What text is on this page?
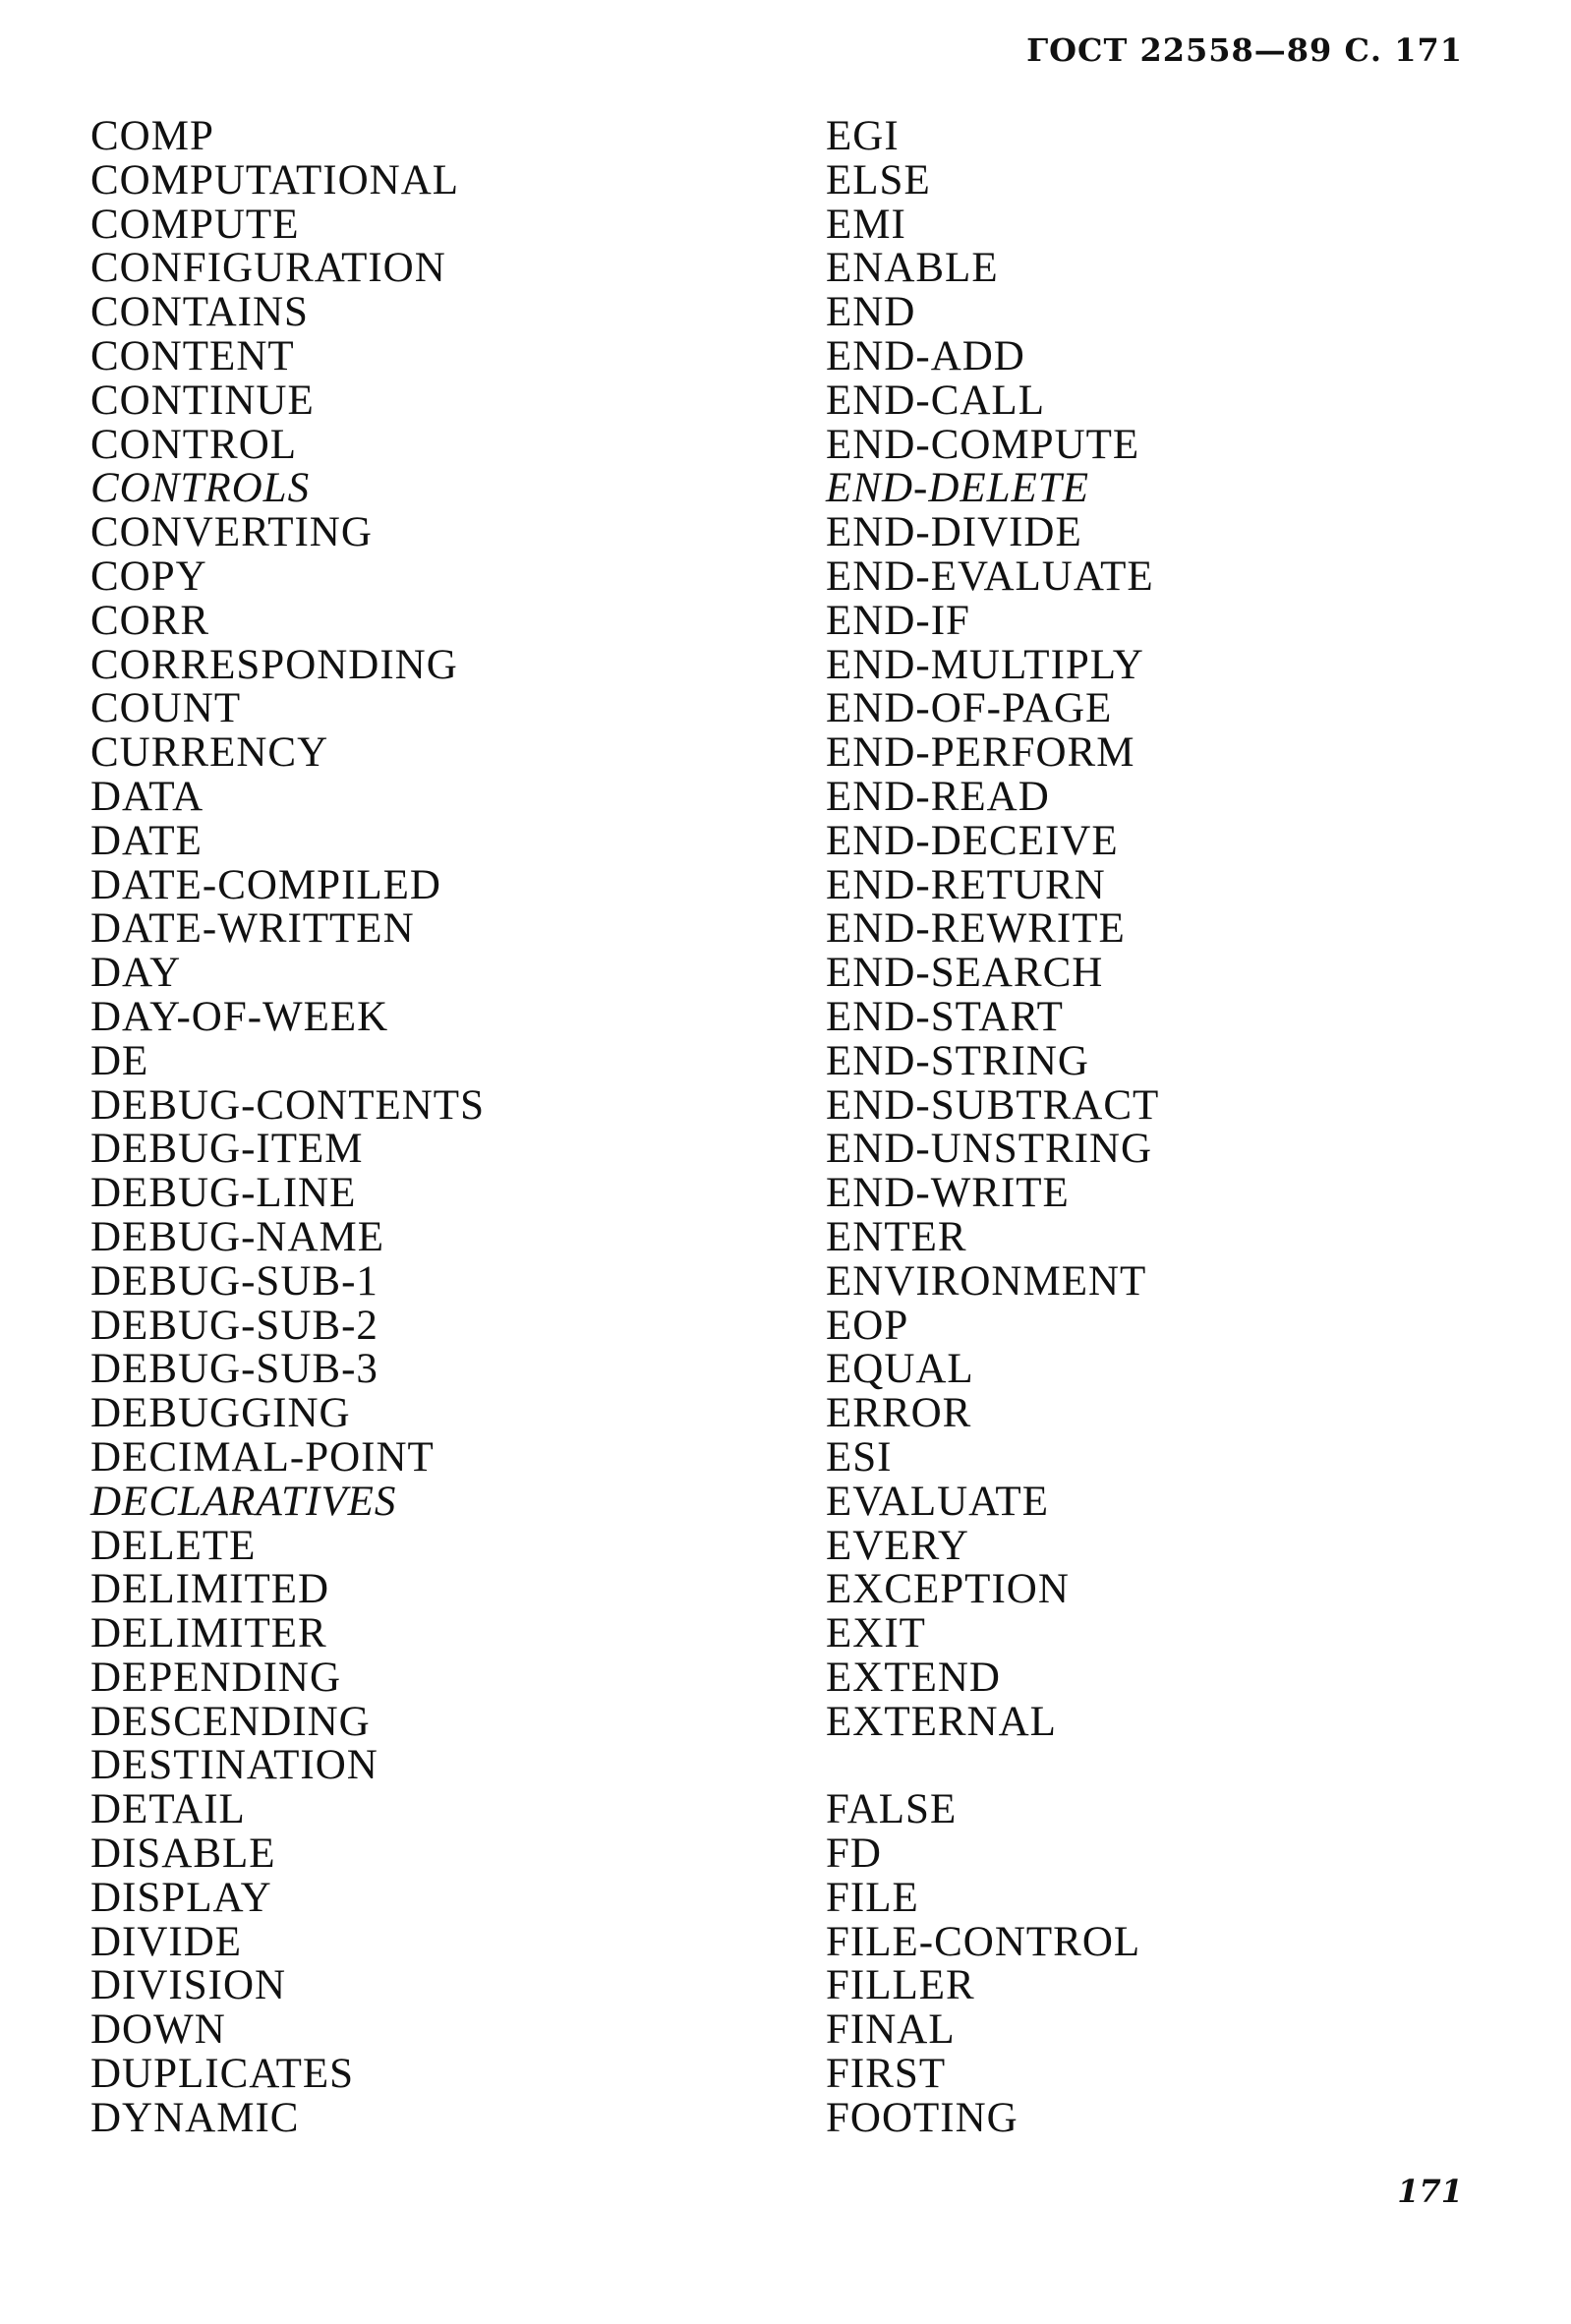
ГОСТ 22558—89 С. 171
COMP
COMPUTATIONAL
COMPUTE
CONFIGURATION
CONTAINS
CONTENT
CONTINUE
CONTROL
CONTROLS
CONVERTING
COPY
CORR
CORRESPONDING
COUNT
CURRENCY
DATA
DATE
DATE-COMPILED
DATE-WRITTEN
DAY
DAY-OF-WEEK
DE
DEBUG-CONTENTS
DEBUG-ITEM
DEBUG-LINE
DEBUG-NAME
DEBUG-SUB-1
DEBUG-SUB-2
DEBUG-SUB-3
DEBUGGING
DECIMAL-POINT
DECLARATIVES
DELETE
DELIMITED
DELIMITER
DEPENDING
DESCENDING
DESTINATION
DETAIL
DISABLE
DISPLAY
DIVIDE
DIVISION
DOWN
DUPLICATES
DYNAMIC
EGI
ELSE
EMI
ENABLE
END
END-ADD
END-CALL
END-COMPUTE
END-DELETE
END-DIVIDE
END-EVALUATE
END-IF
END-MULTIPLY
END-OF-PAGE
END-PERFORM
END-READ
END-DECEIVE
END-RETURN
END-REWRITE
END-SEARCH
END-START
END-STRING
END-SUBTRACT
END-UNSTRING
END-WRITE
ENTER
ENVIRONMENT
EOP
EQUAL
ERROR
ESI
EVALUATE
EVERY
EXCEPTION
EXIT
EXTEND
EXTERNAL
FALSE
FD
FILE
FILE-CONTROL
FILLER
FINAL
FIRST
FOOTING
171
